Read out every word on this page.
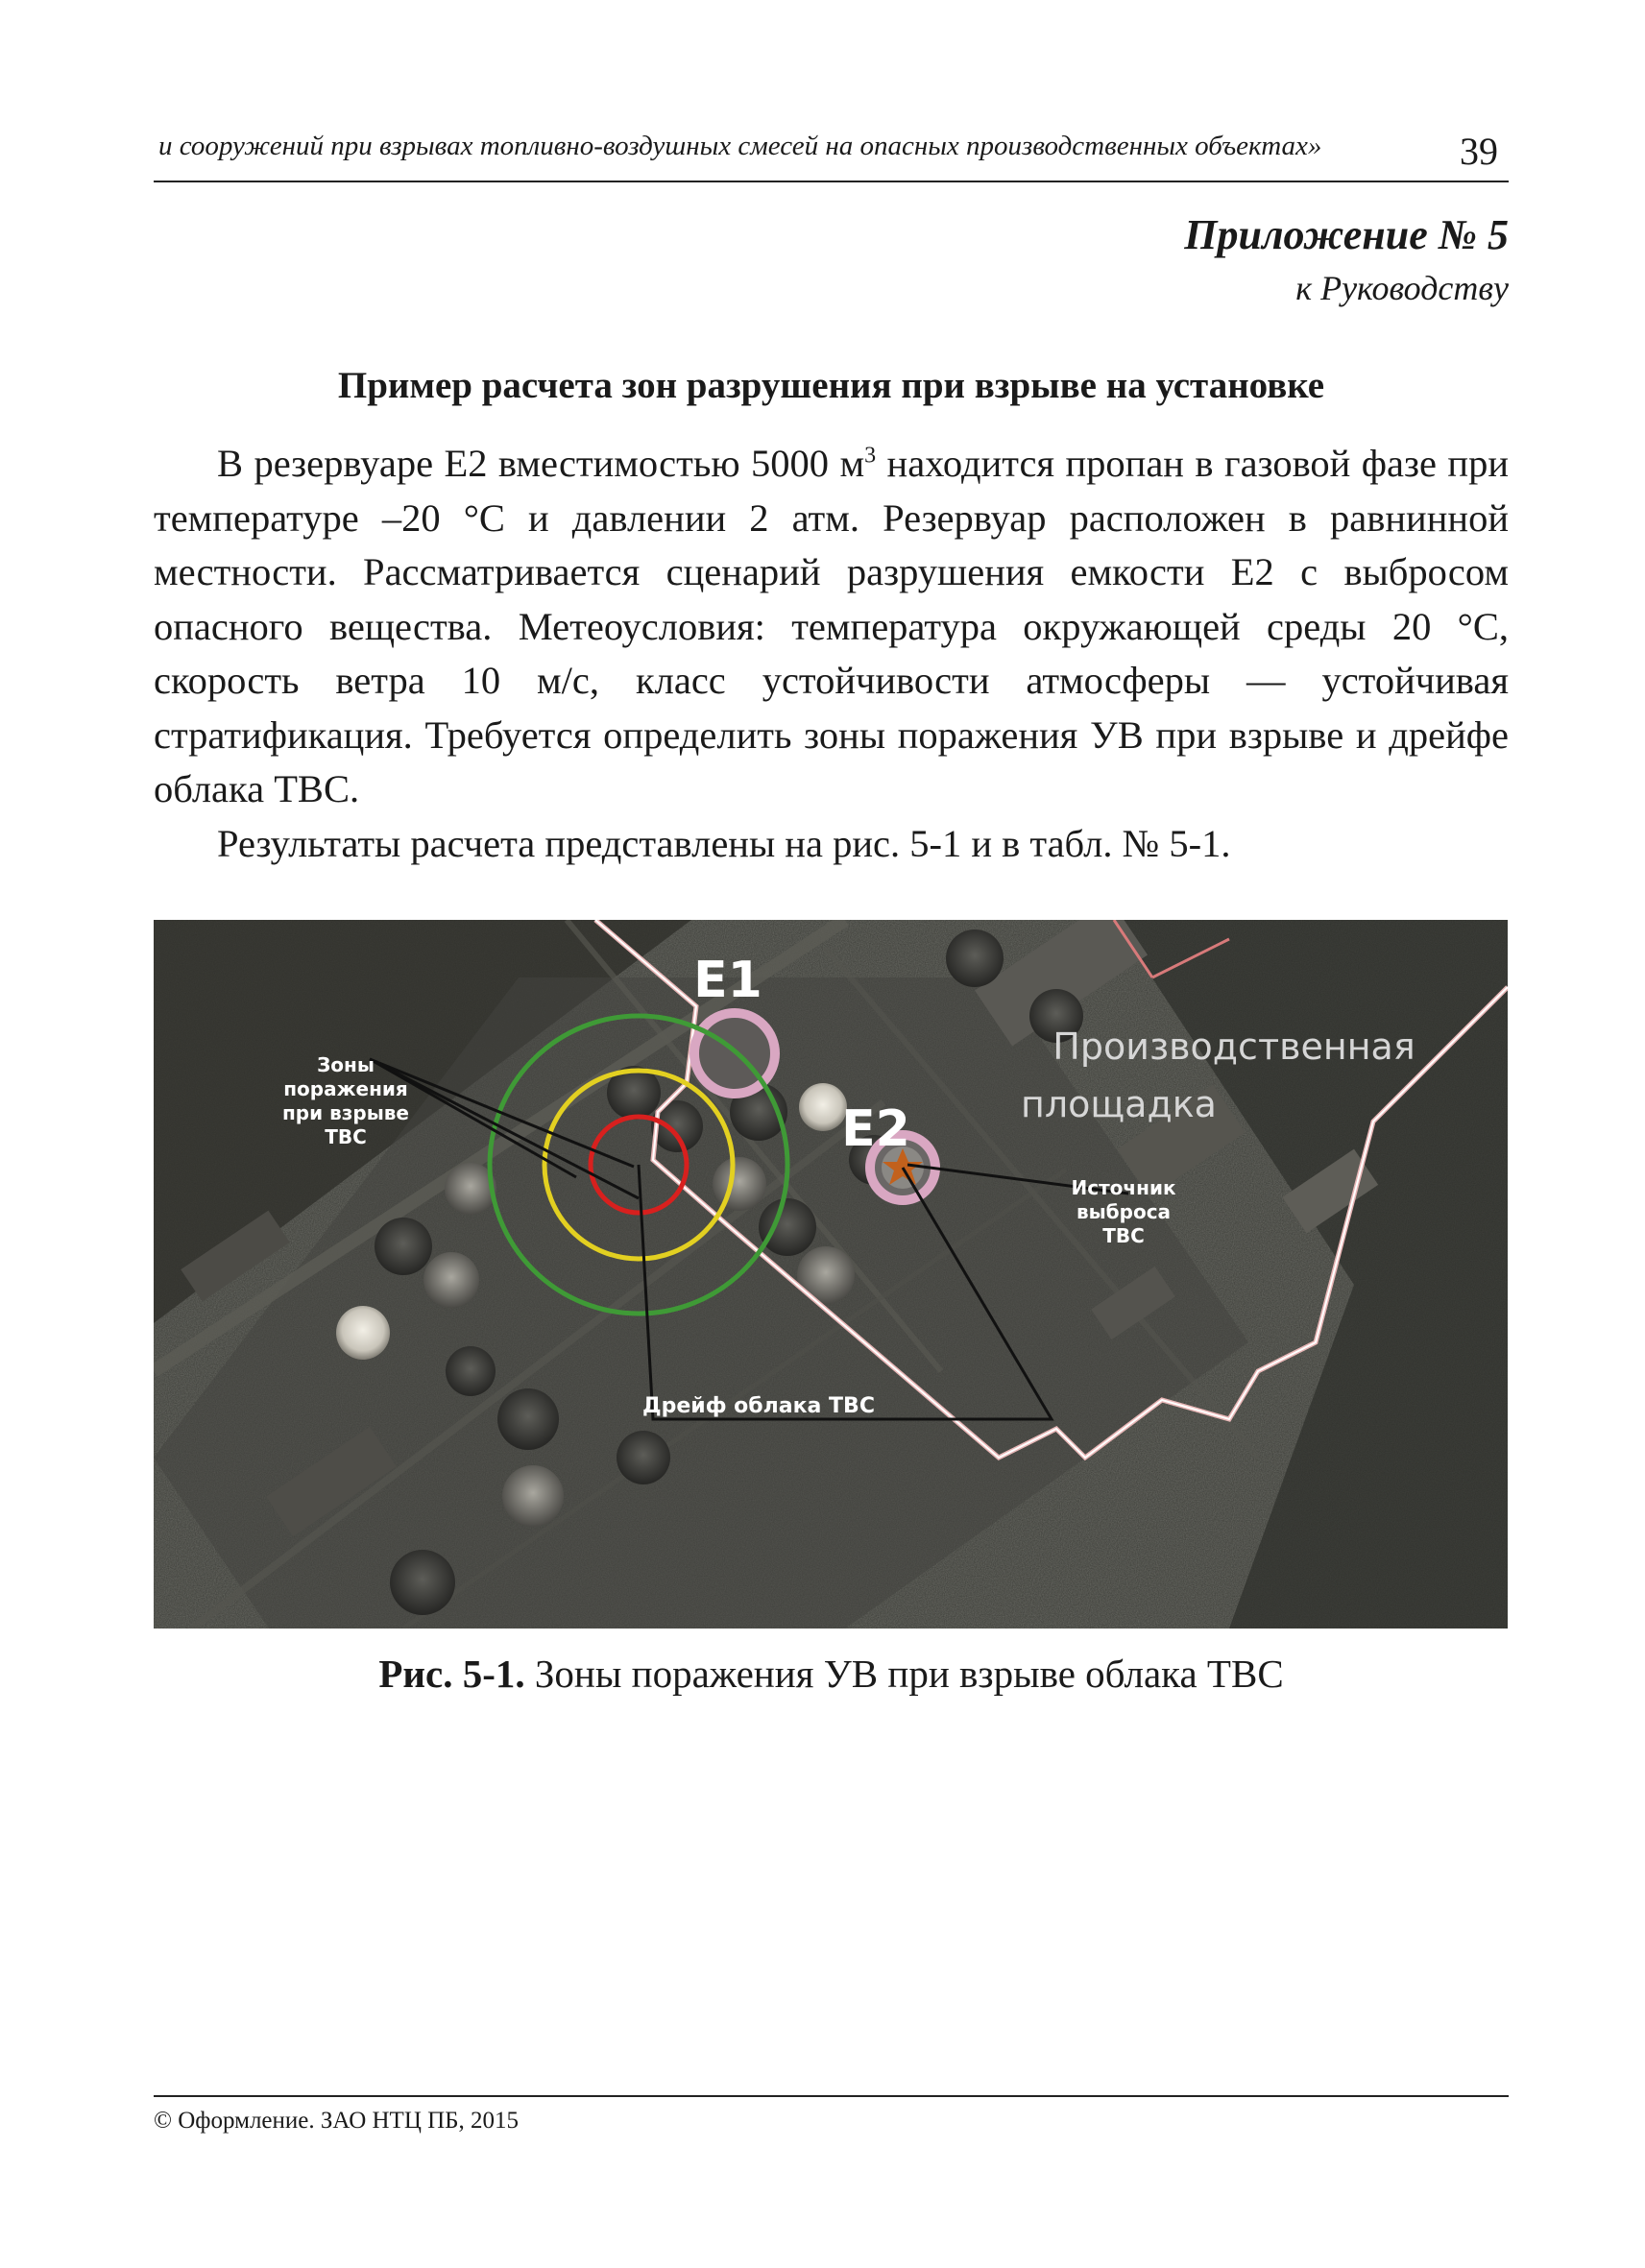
и сооружений при взрывах топливно-воздушных смесей на опасных производственных объектах»	39
Приложение № 5
к Руководству
Пример расчета зон разрушения при взрыве на установке

В резервуаре Е2 вместимостью 5000 $м^3$ находится пропан в газовой фазе при температуре –20 °С и давлении 2 атм. Резервуар расположен в равнинной местности. Рассматривается сценарий разрушения емкости Е2 с выбросом опасного вещества. Метеоусловия: температура окружающей среды 20 °С, скорость ветра 10 м/с, класс устойчивости атмосферы — устойчивая стратификация. Требуется определить зоны поражения УВ при взрыве и дрейфе облака ТВС.

Результаты расчета представлены на рис. 5-1 и в табл. № 5-1.

E1
E2
Производственная
площадка
Зоны
поражения
при взрыве
ТВС
Источник
выброса
ТВС
Дрейф облака ТВС
Рис. 5-1. Зоны поражения УВ при взрыве облака ТВС
© Оформление. ЗАО НТЦ ПБ, 2015
